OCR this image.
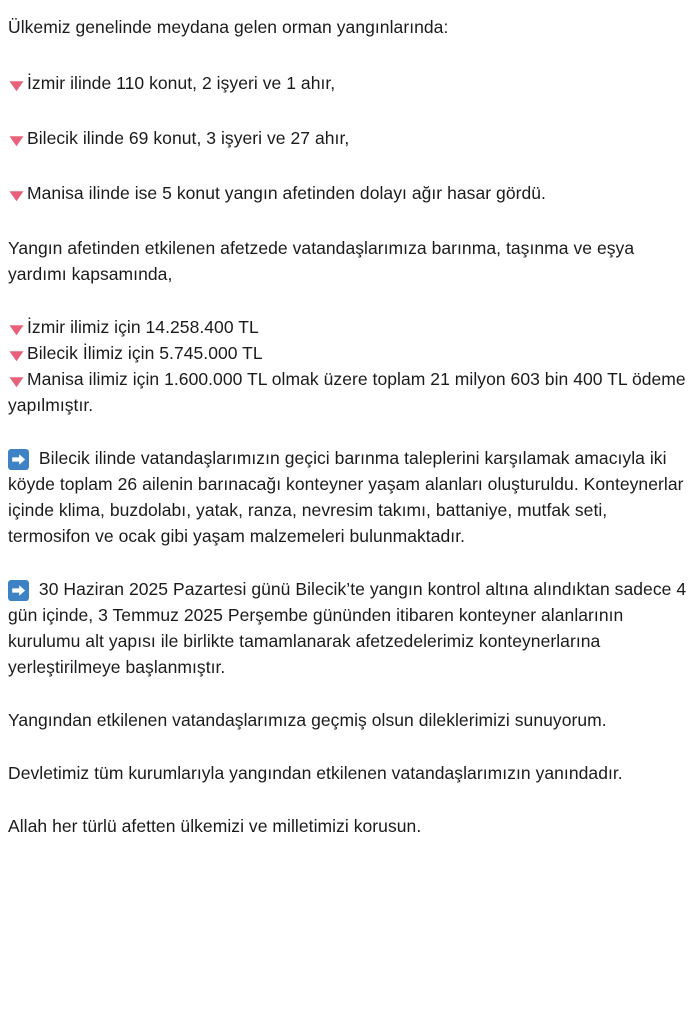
Ülkemiz genelinde meydana gelen orman yangınlarında:

İzmir ilinde 110 konut, 2 işyeri ve 1 ahır,

Bilecik ilinde 69 konut, 3 işyeri ve 27 ahır,

Manisa ilinde ise 5 konut yangın afetinden dolayı ağır hasar gördü.

Yangın afetinden etkilenen afetzede vatandaşlarımıza barınma, taşınma ve eşya yardımı kapsamında,

İzmir ilimiz için 14.258.400 TL

Bilecik İlimiz için 5.745.000 TL

Manisa ilimiz için 1.600.000 TL olmak üzere toplam 21 milyon 603 bin 400 TL ödeme yapılmıştır.

Bilecik ilinde vatandaşlarımızın geçici barınma taleplerini karşılamak amacıyla iki köyde toplam 26 ailenin barınacağı konteyner yaşam alanları oluşturuldu. Konteynerlar içinde klima, buzdolabı, yatak, ranza, nevresim takımı, battaniye, mutfak seti, termosifon ve ocak gibi yaşam malzemeleri bulunmaktadır.

30 Haziran 2025 Pazartesi günü Bilecik’te yangın kontrol altına alındıktan sadece 4 gün içinde, 3 Temmuz 2025 Perşembe gününden itibaren konteyner alanlarının kurulumu alt yapısı ile birlikte tamamlanarak afetzedelerimiz konteynerlarına yerleştirilmeye başlanmıştır.

Yangından etkilenen vatandaşlarımıza geçmiş olsun dileklerimizi sunuyorum.

Devletimiz tüm kurumlarıyla yangından etkilenen vatandaşlarımızın yanındadır.

Allah her türlü afetten ülkemizi ve milletimizi korusun.
